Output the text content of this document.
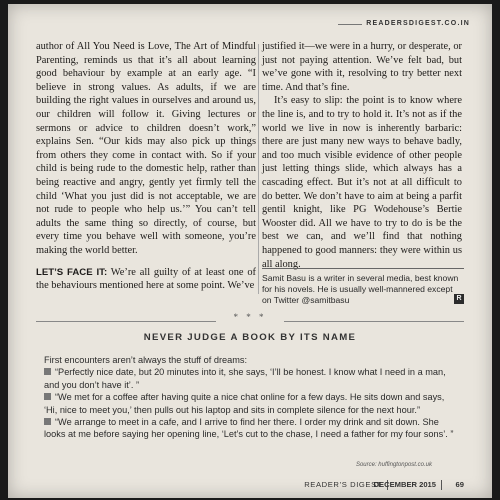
READERSDIGEST.CO.IN

author of All You Need is Love, The Art of Mindful Parenting, reminds us that it’s all about learning good behaviour by example at an early age. “I believe in strong values. As adults, if we are building the right values in ourselves and around us, our children will follow it. Giving lectures or sermons or advice to children doesn’t work,” explains Sen. “Our kids may also pick up things from others they come in contact with. So if your child is being rude to the domestic help, rather than being reactive and angry, gently yet firmly tell the child ‘What you just did is not acceptable, we are not rude to people who help us.’” You can’t tell adults the same thing so directly, of course, but every time you behave well with someone, you’re making the world better.

LET’S FACE IT: We’re all guilty of at least one of the behaviours mentioned here at some point. We’ve

justified it—we were in a hurry, or desperate, or just not paying attention. We’ve felt bad, but we’ve gone with it, resolving to try better next time. And that’s fine.

It’s easy to slip: the point is to know where the line is, and to try to hold it. It’s not as if the world we live in now is inherently barbaric: there are just many new ways to behave badly, and too much visible evidence of other people just letting things slide, which always has a cascading effect. But it’s not at all difficult to do better. We don’t have to aim at being a parfit gentil knight, like PG Wodehouse’s Bertie Wooster did. All we have to try to do is be the best we can, and we’ll find that nothing happened to good manners: they were within us all along.

Samit Basu is a writer in several media, best known for his novels. He is usually well-mannered except on Twitter @samitbasu	R
* * *
NEVER JUDGE A BOOK BY ITS NAME

First encounters aren’t always the stuff of dreams:

“Perfectly nice date, but 20 minutes into it, she says, ‘I’ll be honest. I know what I need in a man, and you don’t have it’. ”

“We met for a coffee after having quite a nice chat online for a few days. He sits down and says, ‘Hi, nice to meet you,’ then pulls out his laptop and sits in complete silence for the next hour.”

“We arrange to meet in a cafe, and I arrive to find her there. I order my drink and sit down. She looks at me before saying her opening line, ‘Let’s cut to the chase, I need a father for my four sons’. ”

Source: huffingtonpost.co.uk
READER’S DIGEST
DECEMBER 2015	69
